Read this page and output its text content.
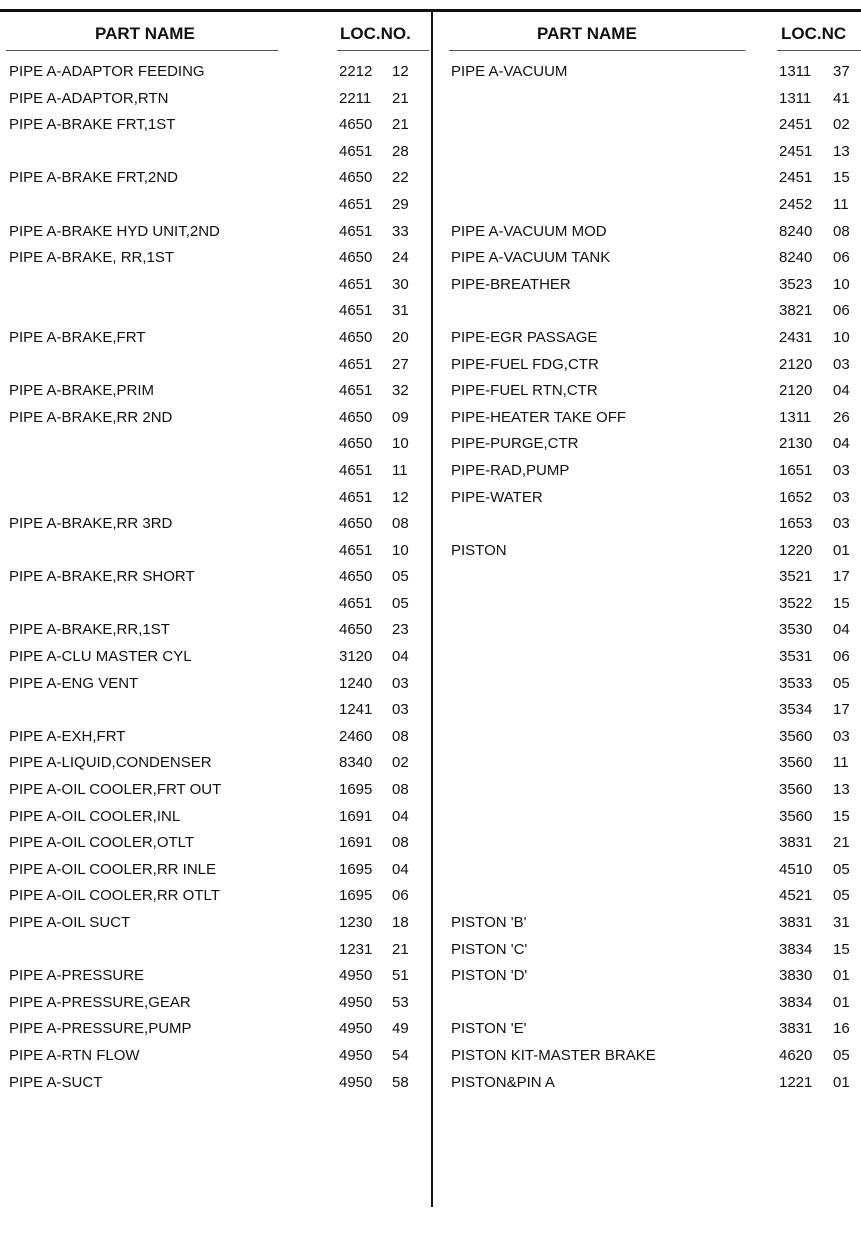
PART NAME	LOC.NO.
PIPE A-ADAPTOR FEEDING	2212 12
PIPE A-ADAPTOR,RTN	2211 21
PIPE A-BRAKE FRT,1ST	4650 21
4651 28
PIPE A-BRAKE FRT,2ND	4650 22
4651 29
PIPE A-BRAKE HYD UNIT,2ND	4651 33
PIPE A-BRAKE, RR,1ST	4650 24
4651 30
4651 31
PIPE A-BRAKE,FRT	4650 20
4651 27
PIPE A-BRAKE,PRIM	4651 32
PIPE A-BRAKE,RR 2ND	4650 09
4650 10
4651 11
4651 12
PIPE A-BRAKE,RR 3RD	4650 08
4651 10
PIPE A-BRAKE,RR SHORT	4650 05
4651 05
PIPE A-BRAKE,RR,1ST	4650 23
PIPE A-CLU MASTER CYL	3120 04
PIPE A-ENG VENT	1240 03
1241 03
PIPE A-EXH,FRT	2460 08
PIPE A-LIQUID,CONDENSER	8340 02
PIPE A-OIL COOLER,FRT OUT	1695 08
PIPE A-OIL COOLER,INL	1691 04
PIPE A-OIL COOLER,OTLT	1691 08
PIPE A-OIL COOLER,RR INLE	1695 04
PIPE A-OIL COOLER,RR OTLT	1695 06
PIPE A-OIL SUCT	1230 18
1231 21
PIPE A-PRESSURE	4950 51
PIPE A-PRESSURE,GEAR	4950 53
PIPE A-PRESSURE,PUMP	4950 49
PIPE A-RTN FLOW	4950 54
PIPE A-SUCT	4950 58
PART NAME	LOC.NC
PIPE A-VACUUM	1311 37
1311 41
2451 02
2451 13
2451 15
2452 11
PIPE A-VACUUM MOD	8240 08
PIPE A-VACUUM TANK	8240 06
PIPE-BREATHER	3523 10
3821 06
PIPE-EGR PASSAGE	2431 10
PIPE-FUEL FDG,CTR	2120 03
PIPE-FUEL RTN,CTR	2120 04
PIPE-HEATER TAKE OFF	1311 26
PIPE-PURGE,CTR	2130 04
PIPE-RAD,PUMP	1651 03
PIPE-WATER	1652 03
1653 03
PISTON	1220 01
3521 17
3522 15
3530 04
3531 06
3533 05
3534 17
3560 03
3560 11
3560 13
3560 15
3831 21
4510 05
4521 05
PISTON 'B'	3831 31
PISTON 'C'	3834 15
PISTON 'D'	3830 01
3834 01
PISTON 'E'	3831 16
PISTON KIT-MASTER BRAKE	4620 05
PISTON&PIN A	1221 01
